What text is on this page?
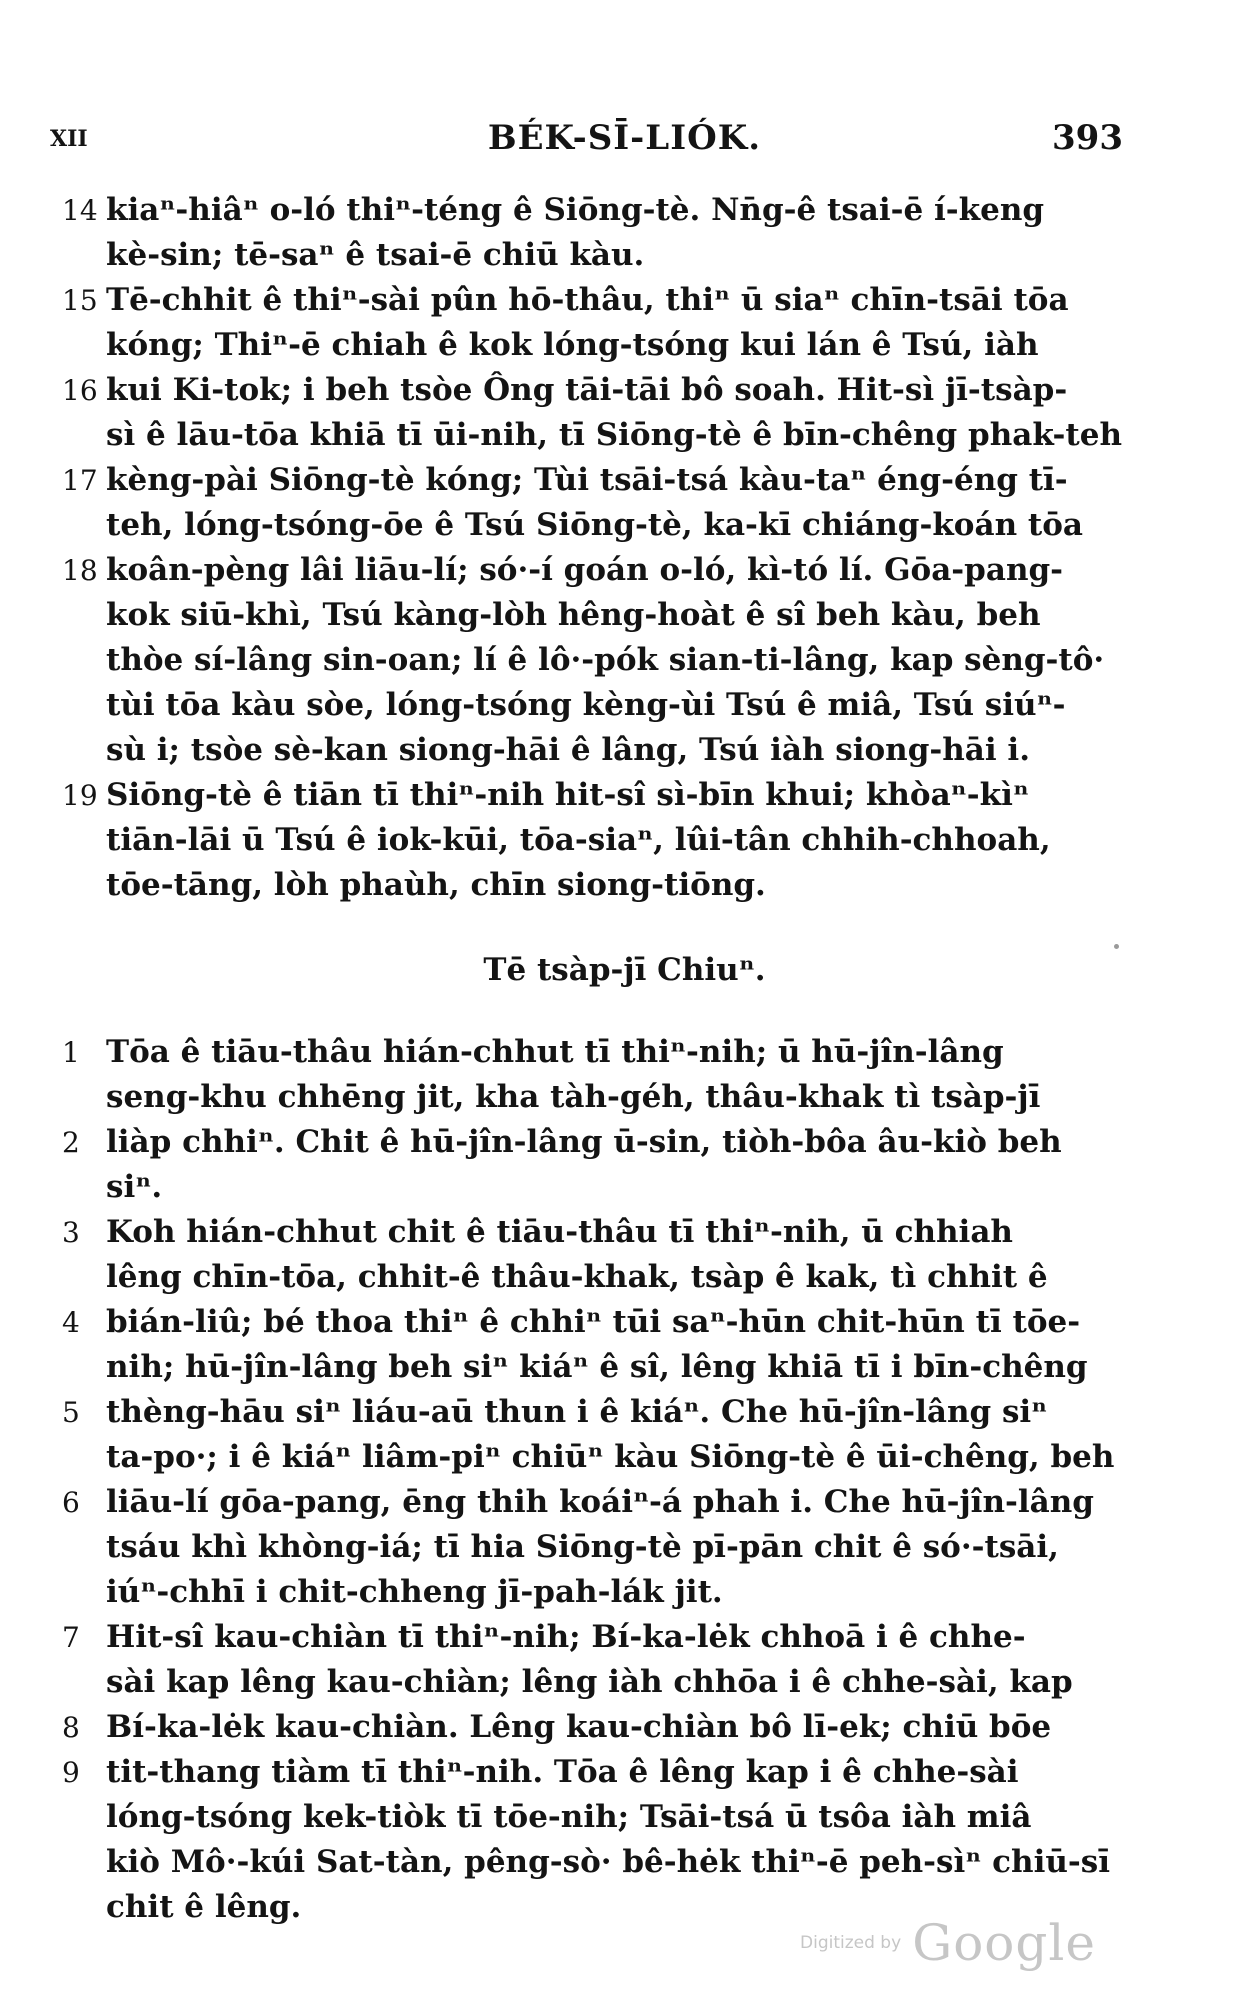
XII	BÉK-SĪ-LIÓK.	393
14 kiaⁿ-hiâⁿ o-ló thiⁿ-téng ê Siōng-tè. Nn̄g-ê tsai-ē í-keng
kè-sin; tē-saⁿ ê tsai-ē chiū kàu.
15 Tē-chhit ê thiⁿ-sài pûn hō-thâu, thiⁿ ū siaⁿ chīn-tsāi tōa
kóng; Thiⁿ-ē chiah ê kok lóng-tsóng kui lán ê Tsú, iàh
16 kui Ki-tok; i beh tsòe Ông tāi-tāi bô soah. Hit-sì jī-tsàp-
sì ê lāu-tōa khiā tī ūi-nih, tī Siōng-tè ê bīn-chêng phak-teh
17 kèng-pài Siōng-tè kóng; Tùi tsāi-tsá kàu-taⁿ éng-éng tī-
teh, lóng-tsóng-ōe ê Tsú Siōng-tè, ka-kī chiáng-koán tōa
18 koân-pèng lâi liāu-lí; só·-í goán o-ló, kì-tó lí. Gōa-pang-
kok siū-khì, Tsú kàng-lòh hêng-hoàt ê sî beh kàu, beh
thòe sí-lâng sin-oan; lí ê lô·-pók sian-ti-lâng, kap sèng-tô·
tùi tōa kàu sòe, lóng-tsóng kèng-ùi Tsú ê miâ, Tsú siúⁿ-
sù i; tsòe sè-kan siong-hāi ê lâng, Tsú iàh siong-hāi i.
19 Siōng-tè ê tiān tī thiⁿ-nih hit-sî sì-bīn khui; khòaⁿ-kìⁿ
tiān-lāi ū Tsú ê iok-kūi, tōa-siaⁿ, lûi-tân chhih-chhoah,
tōe-tāng, lòh phaùh, chīn siong-tiōng.
Tē tsàp-jī Chiuⁿ.
1 Tōa ê tiāu-thâu hián-chhut tī thiⁿ-nih; ū hū-jîn-lâng
seng-khu chhēng jit, kha tàh-géh, thâu-khak tì tsàp-jī
2 liàp chhiⁿ. Chit ê hū-jîn-lâng ū-sin, tiòh-bôa âu-kiò beh
siⁿ.
3 Koh hián-chhut chit ê tiāu-thâu tī thiⁿ-nih, ū chhiah
lêng chīn-tōa, chhit-ê thâu-khak, tsàp ê kak, tì chhit ê
4 bián-liû; bé thoa thiⁿ ê chhiⁿ tūi saⁿ-hūn chit-hūn tī tōe-
nih; hū-jîn-lâng beh siⁿ kiáⁿ ê sî, lêng khiā tī i bīn-chêng
5 thèng-hāu siⁿ liáu-aū thun i ê kiáⁿ. Che hū-jîn-lâng siⁿ
ta-po·; i ê kiáⁿ liâm-piⁿ chiūⁿ kàu Siōng-tè ê ūi-chêng, beh
6 liāu-lí gōa-pang, ēng thih koáiⁿ-á phah i. Che hū-jîn-lâng
tsáu khì khòng-iá; tī hia Siōng-tè pī-pān chit ê só·-tsāi,
iúⁿ-chhī i chit-chheng jī-pah-lák jit.
7 Hit-sî kau-chiàn tī thiⁿ-nih; Bí-ka-lėk chhoā i ê chhe-
sài kap lêng kau-chiàn; lêng iàh chhōa i ê chhe-sài, kap
8 Bí-ka-lėk kau-chiàn. Lêng kau-chiàn bô lī-ek; chiū bōe
9 tit-thang tiàm tī thiⁿ-nih. Tōa ê lêng kap i ê chhe-sài
lóng-tsóng kek-tiòk tī tōe-nih; Tsāi-tsá ū tsôa iàh miâ
kiò Mô·-kúi Sat-tàn, pêng-sò· bê-hėk thiⁿ-ē peh-sìⁿ chiū-sī
chit ê lêng.
Digitized by Google
